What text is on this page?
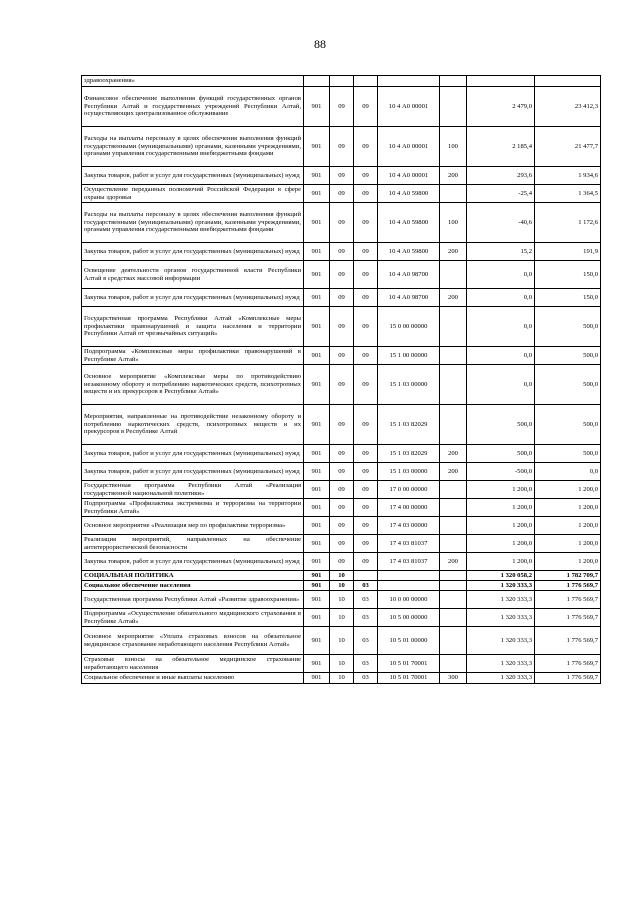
88
здравоохранения»							
Финансовое обеспечение выполнения функций государственных органов Республики Алтай и государственных учреждений Республики Алтай, осуществляющих централизованное обслуживание	901	09	09	10 4 А0 00001		2 479,0	23 412,3
Расходы на выплаты персоналу в целях обеспечения выполнения функций государственными (муниципальными) органами, казенными учреждениями, органами управления государственными внебюджетными фондами	901	09	09	10 4 А0 00001	100	2 185,4	21 477,7
Закупка товаров, работ и услуг для государственных (муниципальных) нужд	901	09	09	10 4 А0 00001	200	293,6	1 934,6
Осуществление переданных полномочий Российской Федерации в сфере охраны здоровья	901	09	09	10 4 А0 59800		-25,4	1 364,5
Расходы на выплаты персоналу в целях обеспечения выполнения функций государственными (муниципальными) органами, казенными учреждениями, органами управления государственными внебюджетными фондами	901	09	09	10 4 А0 59800	100	-40,6	1 172,6
Закупка товаров, работ и услуг для государственных (муниципальных) нужд	901	09	09	10 4 А0 59800	200	15,2	191,9
Освещение деятельности органов государственной власти Республики Алтай в средствах массовой информации	901	09	09	10 4 А0 98700		0,0	150,0
Закупка товаров, работ и услуг для государственных (муниципальных) нужд	901	09	09	10 4 А0 98700	200	0,0	150,0
Государственная программа Республики Алтай «Комплексные меры профилактики правонарушений и защита населения и территории Республики Алтай от чрезвычайных ситуаций»	901	09	09	15 0 00 00000		0,0	500,0
Подпрограмма «Комплексные меры профилактики правонарушений в Республике Алтай»	901	09	09	15 1 00 00000		0,0	500,0
Основное мероприятие «Комплексные меры по противодействию незаконному обороту и потреблению наркотических средств, психотропных веществ и их прекурсоров в Республике Алтай»	901	09	09	15 1 03 00000		0,0	500,0
Мероприятия, направленные на противодействие незаконному обороту и потреблению наркотических средств, психотропных веществ и их прекурсоров в Республике Алтай	901	09	09	15 1 03 82029		500,0	500,0
Закупка товаров, работ и услуг для государственных (муниципальных) нужд	901	09	09	15 1 03 82029	200	500,0	500,0
Закупка товаров, работ и услуг для государственных (муниципальных) нужд	901	09	09	15 1 03 00000	200	-500,0	0,0
Государственная программа Республики Алтай «Реализация государственной национальной политики»	901	09	09	17 0 00 00000		1 200,0	1 200,0
Подпрограмма «Профилактика экстремизма и терроризма на территории Республики Алтай»	901	09	09	17 4 00 00000		1 200,0	1 200,0
Основное мероприятие «Реализация мер по профилактике терроризма»	901	09	09	17 4 03 00000		1 200,0	1 200,0
Реализация мероприятий, направленных на обеспечение антитеррористической безопасности	901	09	09	17 4 03 81037		1 200,0	1 200,0
Закупка товаров, работ и услуг для государственных (муниципальных) нужд	901	09	09	17 4 03 81037	200	1 200,0	1 200,0
СОЦИАЛЬНАЯ ПОЛИТИКА	901	10				1 320 058,2	1 782 709,7
Социальное обеспечение населения	901	10	03			1 320 333,3	1 776 569,7
Государственная программа Республики Алтай «Развитие здравоохранения»	901	10	03	10 0 00 00000		1 320 333,3	1 776 569,7
Подпрограмма «Осуществление обязательного медицинского страхования в Республике Алтай»	901	10	03	10 5 00 00000		1 320 333,3	1 776 569,7
Основное мероприятие «Уплата страховых взносов на обязательное медицинское страхование неработающего населения Республики Алтай»	901	10	03	10 5 01 00000		1 320 333,3	1 776 569,7
Страховые взносы на обязательное медицинское страхование неработающего населения	901	10	03	10 5 01 70001		1 320 333,3	1 776 569,7
Социальное обеспечение и иные выплаты населению	901	10	03	10 5 01 70001	300	1 320 333,3	1 776 569,7
